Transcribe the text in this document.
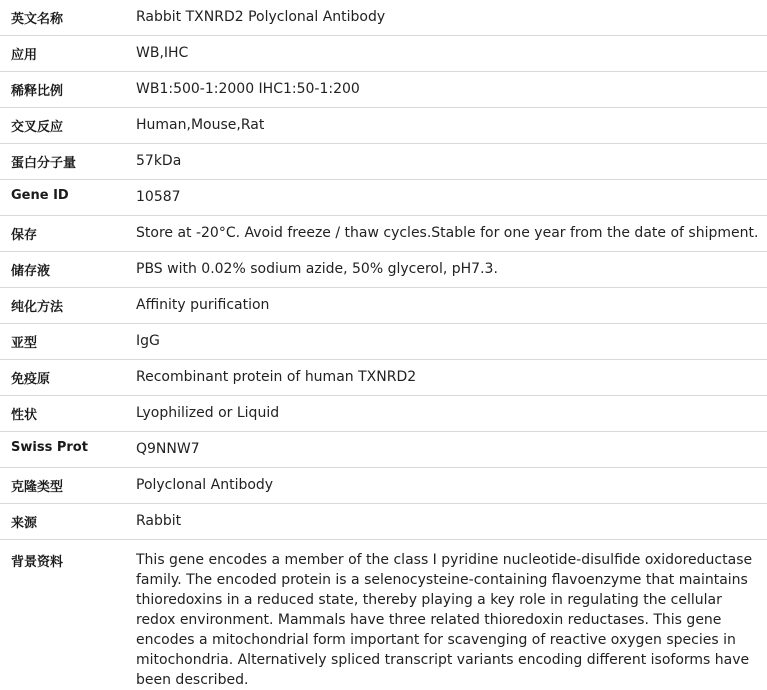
英文名称	Rabbit TXNRD2 Polyclonal Antibody
应用	WB,IHC
稀释比例	WB1:500-1:2000 IHC1:50-1:200
交叉反应	Human,Mouse,Rat
蛋白分子量	57kDa
Gene ID	10587
保存	Store at -20°C. Avoid freeze / thaw cycles.Stable for one year from the date of shipment.
储存液	PBS with 0.02% sodium azide, 50% glycerol, pH7.3.
纯化方法	Affinity purification
亚型	IgG
免疫原	Recombinant protein of human TXNRD2
性状	Lyophilized or Liquid
Swiss Prot	Q9NNW7
克隆类型	Polyclonal Antibody
来源	Rabbit
背景资料	This gene encodes a member of the class I pyridine nucleotide-disulfide oxidoreductase family. The encoded protein is a selenocysteine-containing flavoenzyme that maintains thioredoxins in a reduced state, thereby playing a key role in regulating the cellular redox environment. Mammals have three related thioredoxin reductases. This gene encodes a mitochondrial form important for scavenging of reactive oxygen species in mitochondria. Alternatively spliced transcript variants encoding different isoforms have been described.
